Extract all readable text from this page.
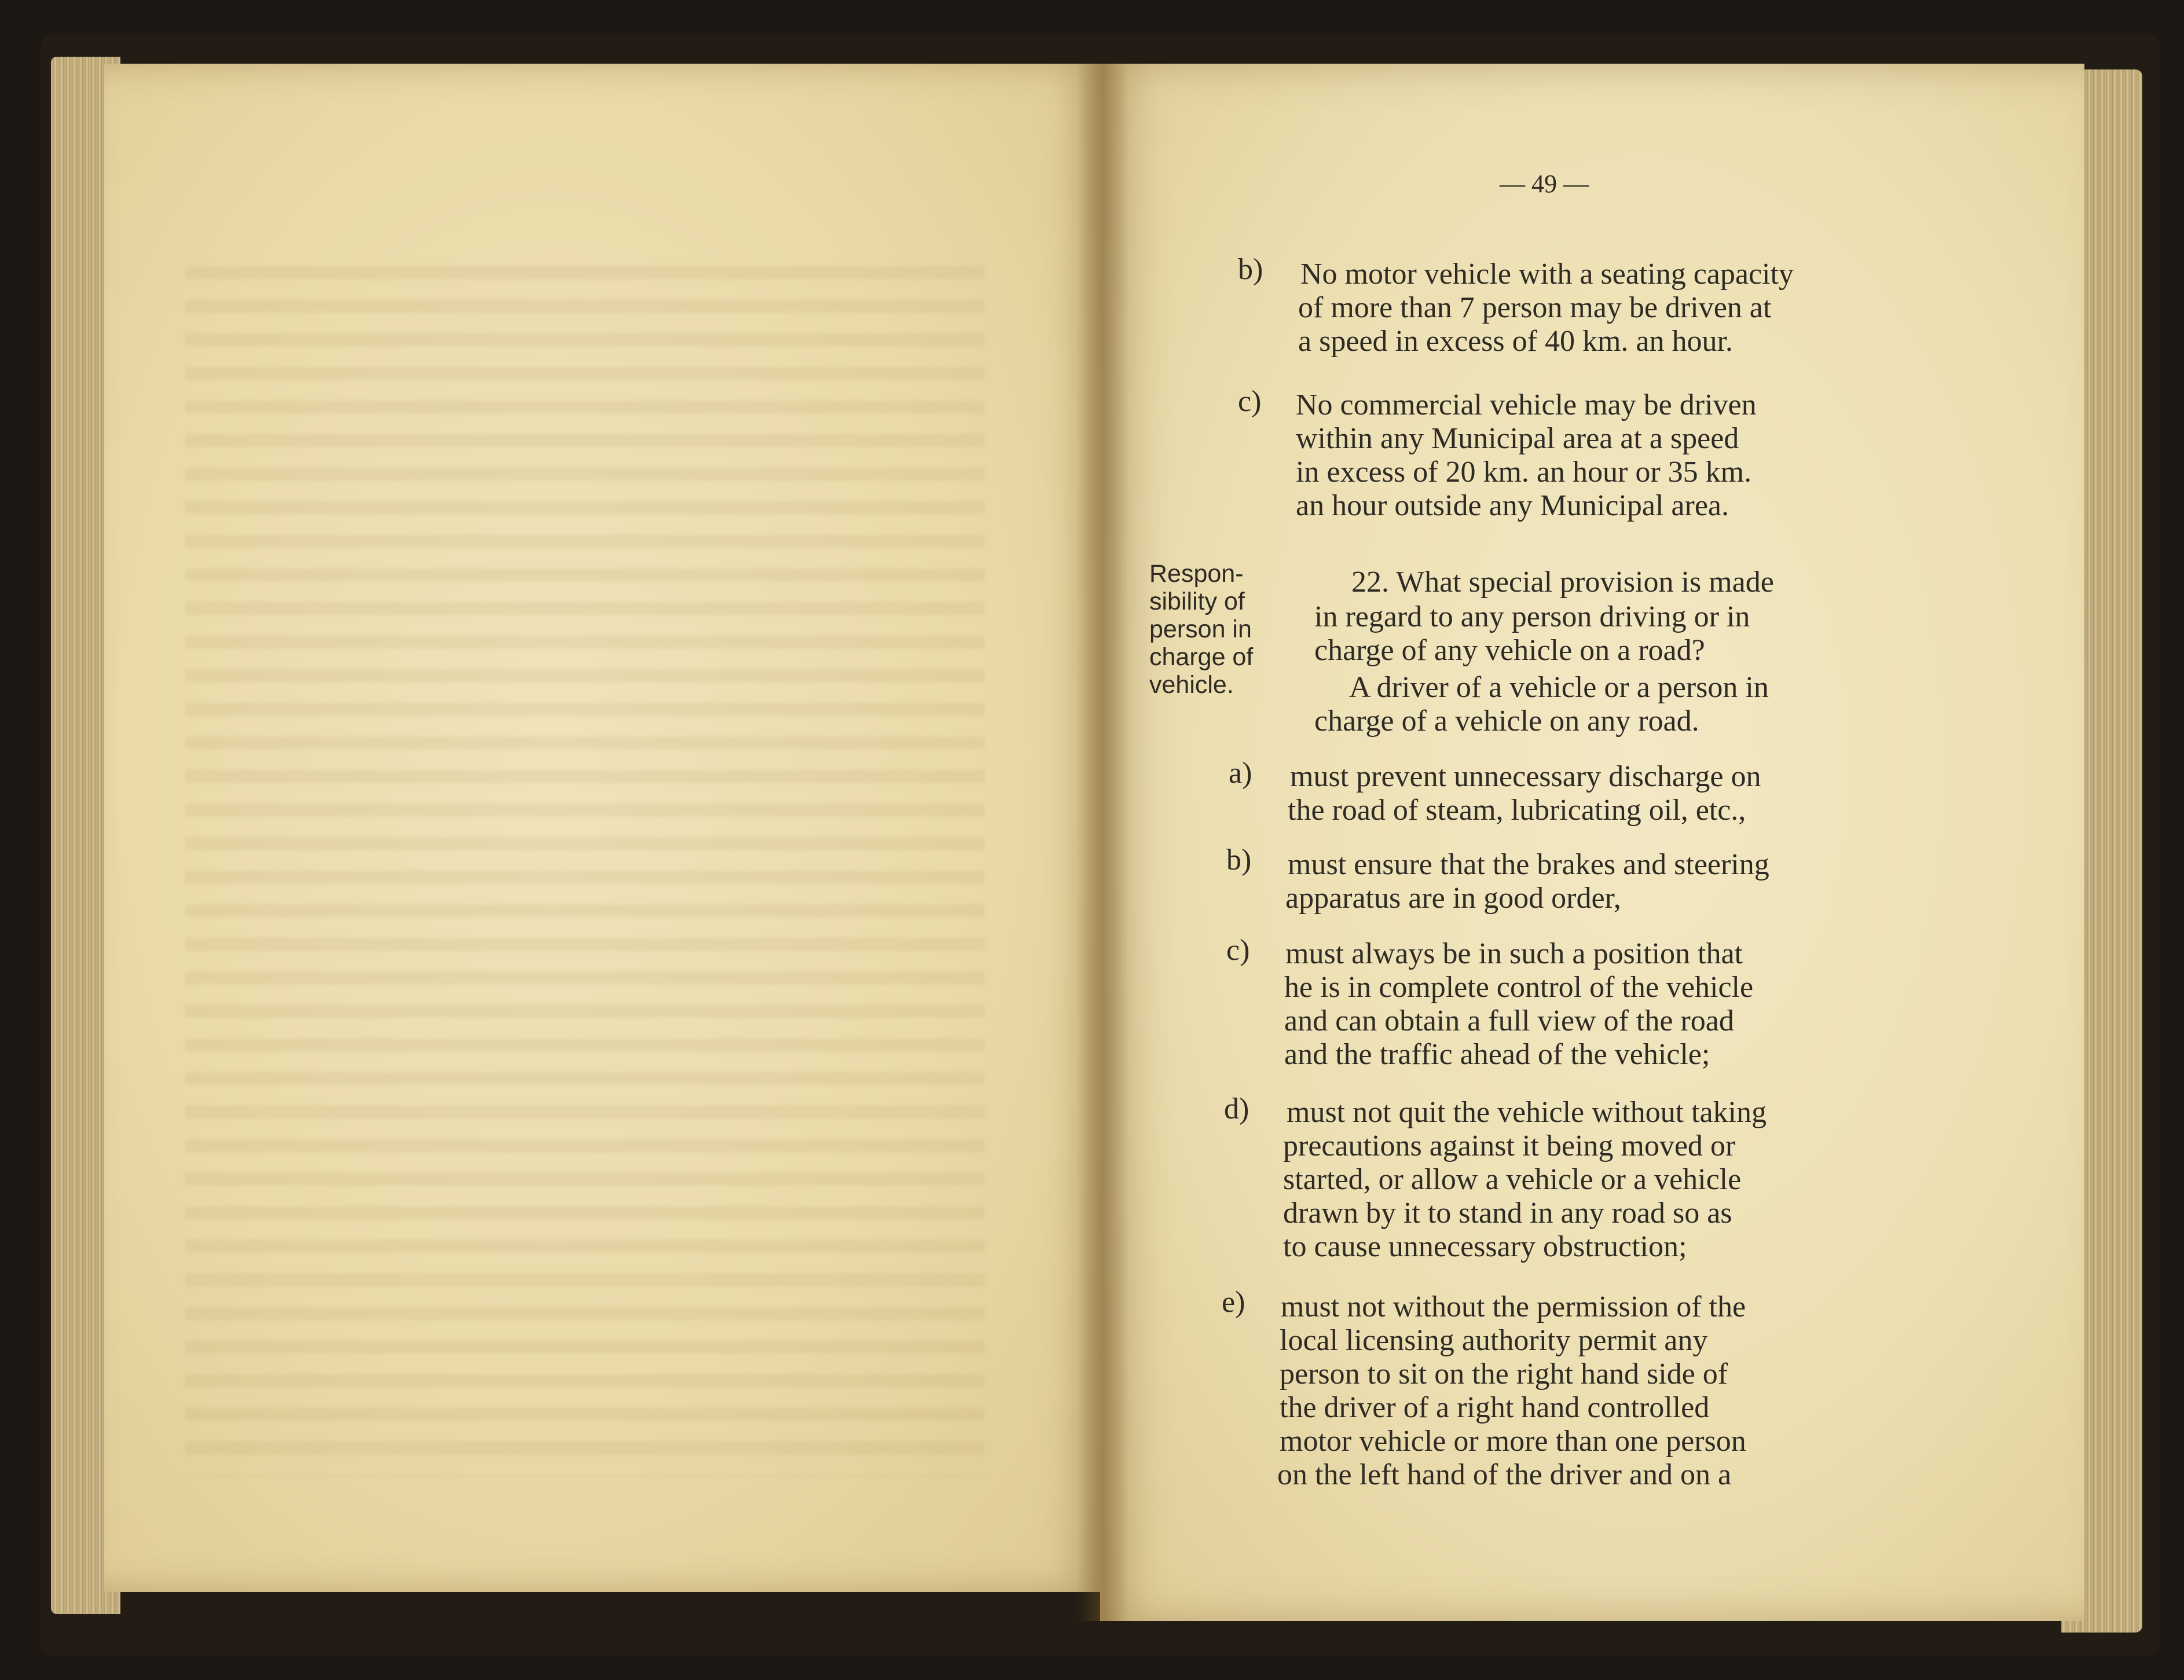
— 49 —
b) No motor vehicle with a seating capacity
of more than 7 person may be driven at
a speed in excess of 40 km. an hour.
c) No commercial vehicle may be driven
within any Municipal area at a speed
in excess of 20 km. an hour or 35 km.
an hour outside any Municipal area.
Respon-
sibility of
person in
charge of
vehicle.
22. What special provision is made
in regard to any person driving or in
charge of any vehicle on a road?
A driver of a vehicle or a person in
charge of a vehicle on any road.
a) must prevent unnecessary discharge on
the road of steam, lubricating oil, etc.,
b) must ensure that the brakes and steering
apparatus are in good order,
c) must always be in such a position that
he is in complete control of the vehicle
and can obtain a full view of the road
and the traffic ahead of the vehicle;
d) must not quit the vehicle without taking
precautions against it being moved or
started, or allow a vehicle or a vehicle
drawn by it to stand in any road so as
to cause unnecessary obstruction;
e) must not without the permission of the
local licensing authority permit any
person to sit on the right hand side of
the driver of a right hand controlled
motor vehicle or more than one person
on the left hand of the driver and on a
